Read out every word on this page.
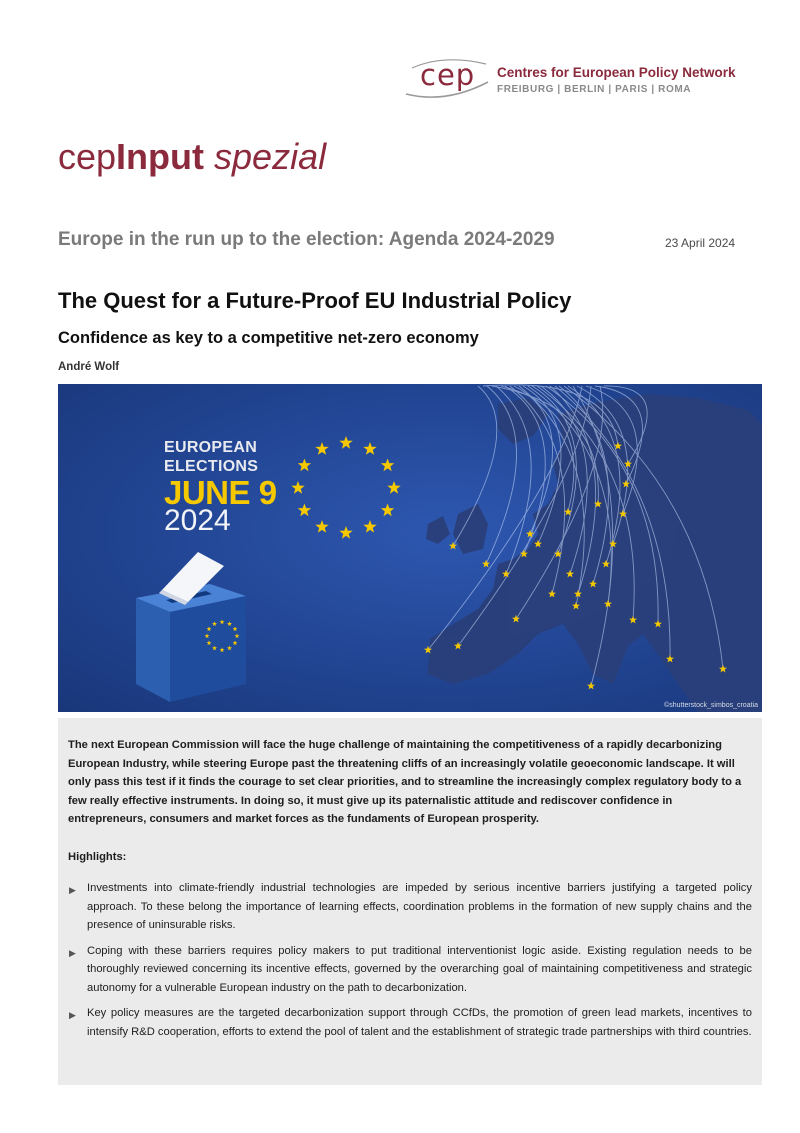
cep Centres for European Policy Network
FREIBURG | BERLIN | PARIS | ROMA
cepInput spezial
Europe in the run up to the election: Agenda 2024-2029	23 April 2024
The Quest for a Future-Proof EU Industrial Policy
Confidence as key to a competitive net-zero economy
André Wolf
EUROPEAN
ELECTIONS
JUNE 9
2024
©shutterstock_simbos_croatia
The next European Commission will face the huge challenge of maintaining the competitiveness of a rapidly decarbonizing European Industry, while steering Europe past the threatening cliffs of an increasingly volatile geoeconomic landscape. It will only pass this test if it finds the courage to set clear priorities, and to streamline the increasingly complex regulatory body to a few really effective instruments. In doing so, it must give up its paternalistic attitude and rediscover confidence in entrepreneurs, consumers and market forces as the fundaments of European prosperity.
Highlights:
▶ Investments into climate-friendly industrial technologies are impeded by serious incentive barriers justifying a targeted policy approach. To these belong the importance of learning effects, coordination problems in the formation of new supply chains and the presence of uninsurable risks.
▶ Coping with these barriers requires policy makers to put traditional interventionist logic aside. Existing regulation needs to be thoroughly reviewed concerning its incentive effects, governed by the overarching goal of maintaining competitiveness and strategic autonomy for a vulnerable European industry on the path to decarbonization.
▶ Key policy measures are the targeted decarbonization support through CCfDs, the promotion of green lead markets, incentives to intensify R&D cooperation, efforts to extend the pool of talent and the establishment of strategic trade partnerships with third countries.
